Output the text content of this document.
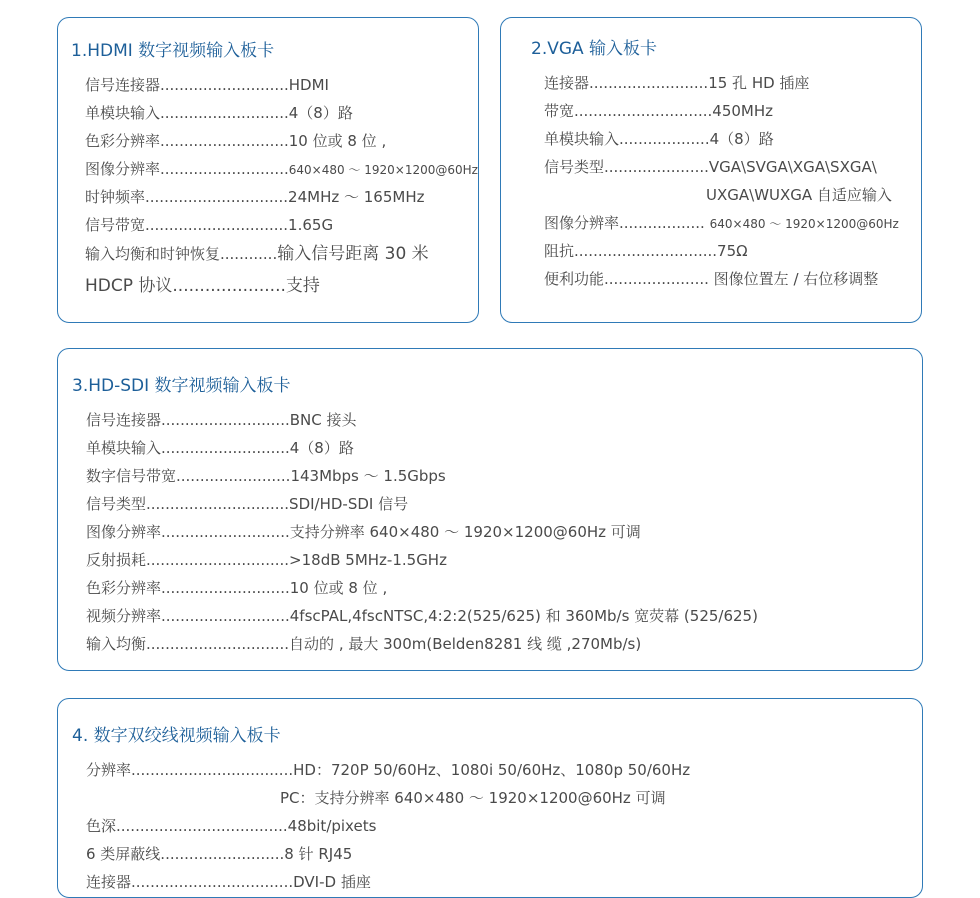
1.HDMI 数字视频输入板卡
信号连接器...........................HDMI
单模块输入...........................4（8）路
色彩分辨率...........................10 位或 8 位 ,
图像分辨率...........................640×480 ～ 1920×1200@60Hz
时钟频率..............................24MHz ～ 165MHz
信号带宽..............................1.65G
输入均衡和时钟恢复............输入信号距离 30 米
HDCP 协议.....................支持
2.VGA 输入板卡
连接器.........................15 孔 HD 插座
带宽.............................450MHz
单模块输入...................4（8）路
信号类型......................VGA\SVGA\XGA\SXGA\
UXGA\WUXGA 自适应输入
图像分辨率.................. 640×480 ～ 1920×1200@60Hz
阻抗..............................75Ω
便利功能...................... 图像位置左 / 右位移调整
3.HD-SDI 数字视频输入板卡
信号连接器...........................BNC 接头
单模块输入...........................4（8）路
数字信号带宽........................143Mbps ～ 1.5Gbps
信号类型..............................SDI/HD-SDI 信号
图像分辨率...........................支持分辨率 640×480 ～ 1920×1200@60Hz 可调
反射损耗..............................>18dB 5MHz-1.5GHz
色彩分辨率...........................10 位或 8 位 ,
视频分辨率...........................4fscPAL,4fscNTSC,4:2:2(525/625) 和 360Mb/s 宽荧幕 (525/625)
输入均衡..............................自动的 , 最大 300m(Belden8281 线 缆 ,270Mb/s)
4. 数字双绞线视频输入板卡
分辨率..................................HD：720P 50/60Hz、1080i 50/60Hz、1080p 50/60Hz
PC：支持分辨率 640×480 ～ 1920×1200@60Hz 可调
色深....................................48bit/pixets
6 类屏蔽线..........................8 针 RJ45
连接器..................................DVI-D 插座
